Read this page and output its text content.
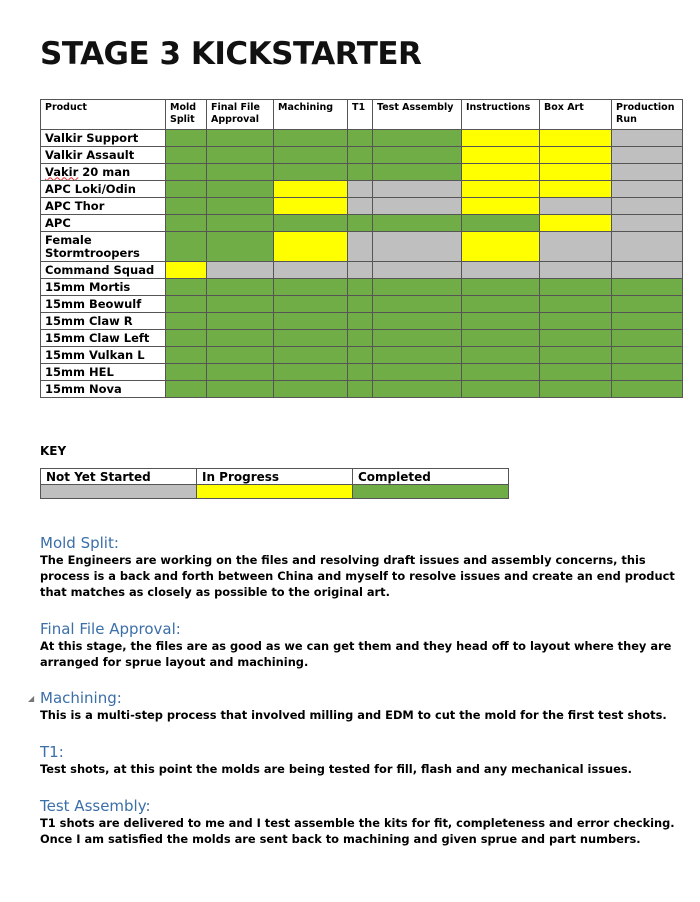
STAGE 3 KICKSTARTER
Product	Mold Split	Final File Approval	Machining	T1	Test Assembly	Instructions	Box Art	Production Run
Valkir Support								
Valkir Assault								
Vakir 20 man								
APC Loki/Odin								
APC Thor								
APC								
Female Stormtroopers								
Command Squad								
15mm Mortis								
15mm Beowulf								
15mm Claw R								
15mm Claw Left								
15mm Vulkan L								
15mm HEL								
15mm Nova								
KEY
Not Yet Started	In Progress	Completed

◢
Mold Split:

The Engineers are working on the files and resolving draft issues and assembly concerns, this process is a back and forth between China and myself to resolve issues and create an end product that matches as closely as possible to the original art.

Final File Approval:

At this stage, the files are as good as we can get them and they head off to layout where they are arranged for sprue layout and machining.

Machining:

This is a multi-step process that involved milling and EDM to cut the mold for the first test shots.

T1:

Test shots, at this point the molds are being tested for fill, flash and any mechanical issues.

Test Assembly:

T1 shots are delivered to me and I test assemble the kits for fit, completeness and error checking. Once I am satisfied the molds are sent back to machining and given sprue and part numbers.
